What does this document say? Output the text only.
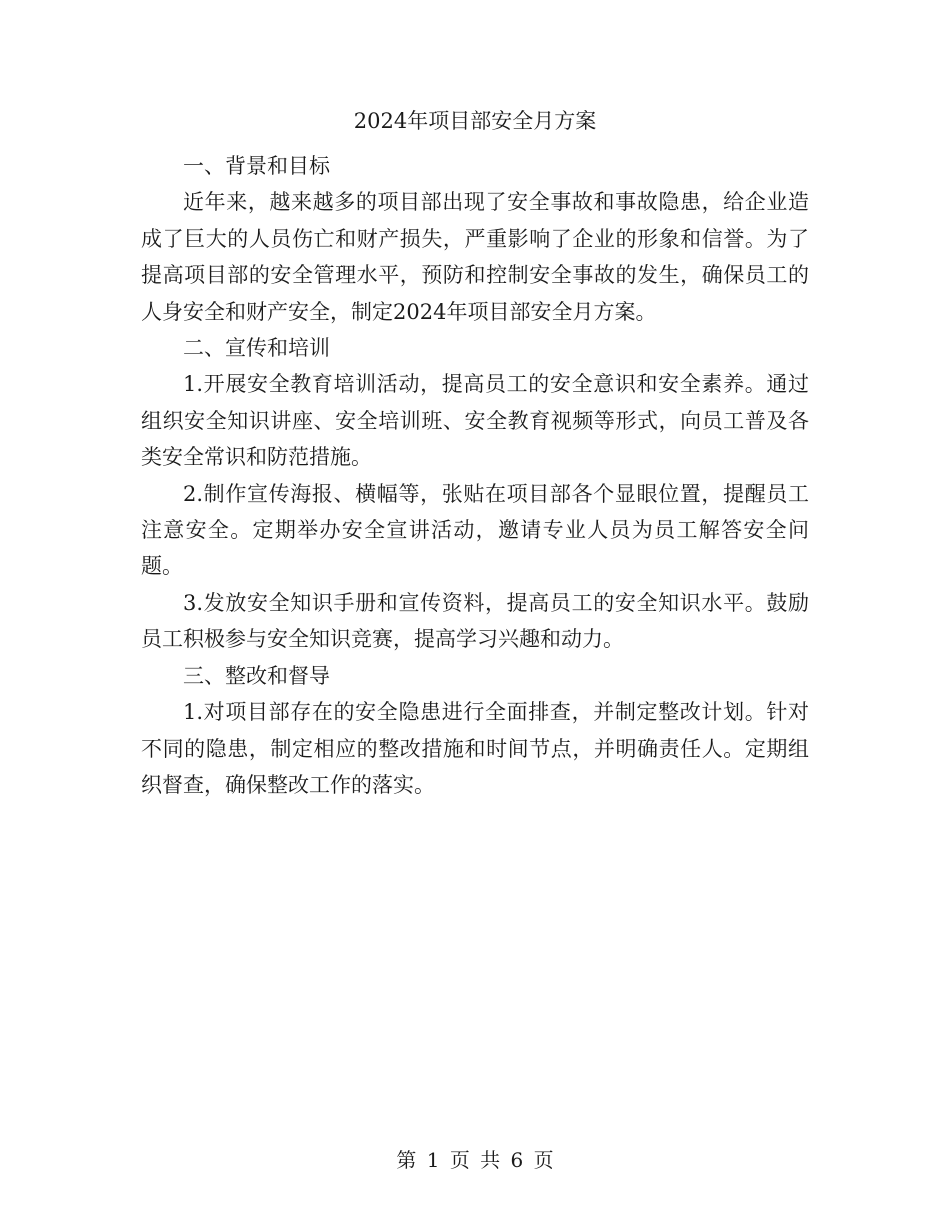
2024年项目部安全月方案

一、背景和目标

近年来，越来越多的项目部出现了安全事故和事故隐患，给企业造成了巨大的人员伤亡和财产损失，严重影响了企业的形象和信誉。为了提高项目部的安全管理水平，预防和控制安全事故的发生，确保员工的人身安全和财产安全，制定2024年项目部安全月方案。

二、宣传和培训

1.开展安全教育培训活动，提高员工的安全意识和安全素养。通过组织安全知识讲座、安全培训班、安全教育视频等形式，向员工普及各类安全常识和防范措施。

2.制作宣传海报、横幅等，张贴在项目部各个显眼位置，提醒员工注意安全。定期举办安全宣讲活动，邀请专业人员为员工解答安全问题。

3.发放安全知识手册和宣传资料，提高员工的安全知识水平。鼓励员工积极参与安全知识竞赛，提高学习兴趣和动力。

三、整改和督导

1.对项目部存在的安全隐患进行全面排查，并制定整改计划。针对不同的隐患，制定相应的整改措施和时间节点，并明确责任人。定期组织督查，确保整改工作的落实。

第 1 页 共 6 页
